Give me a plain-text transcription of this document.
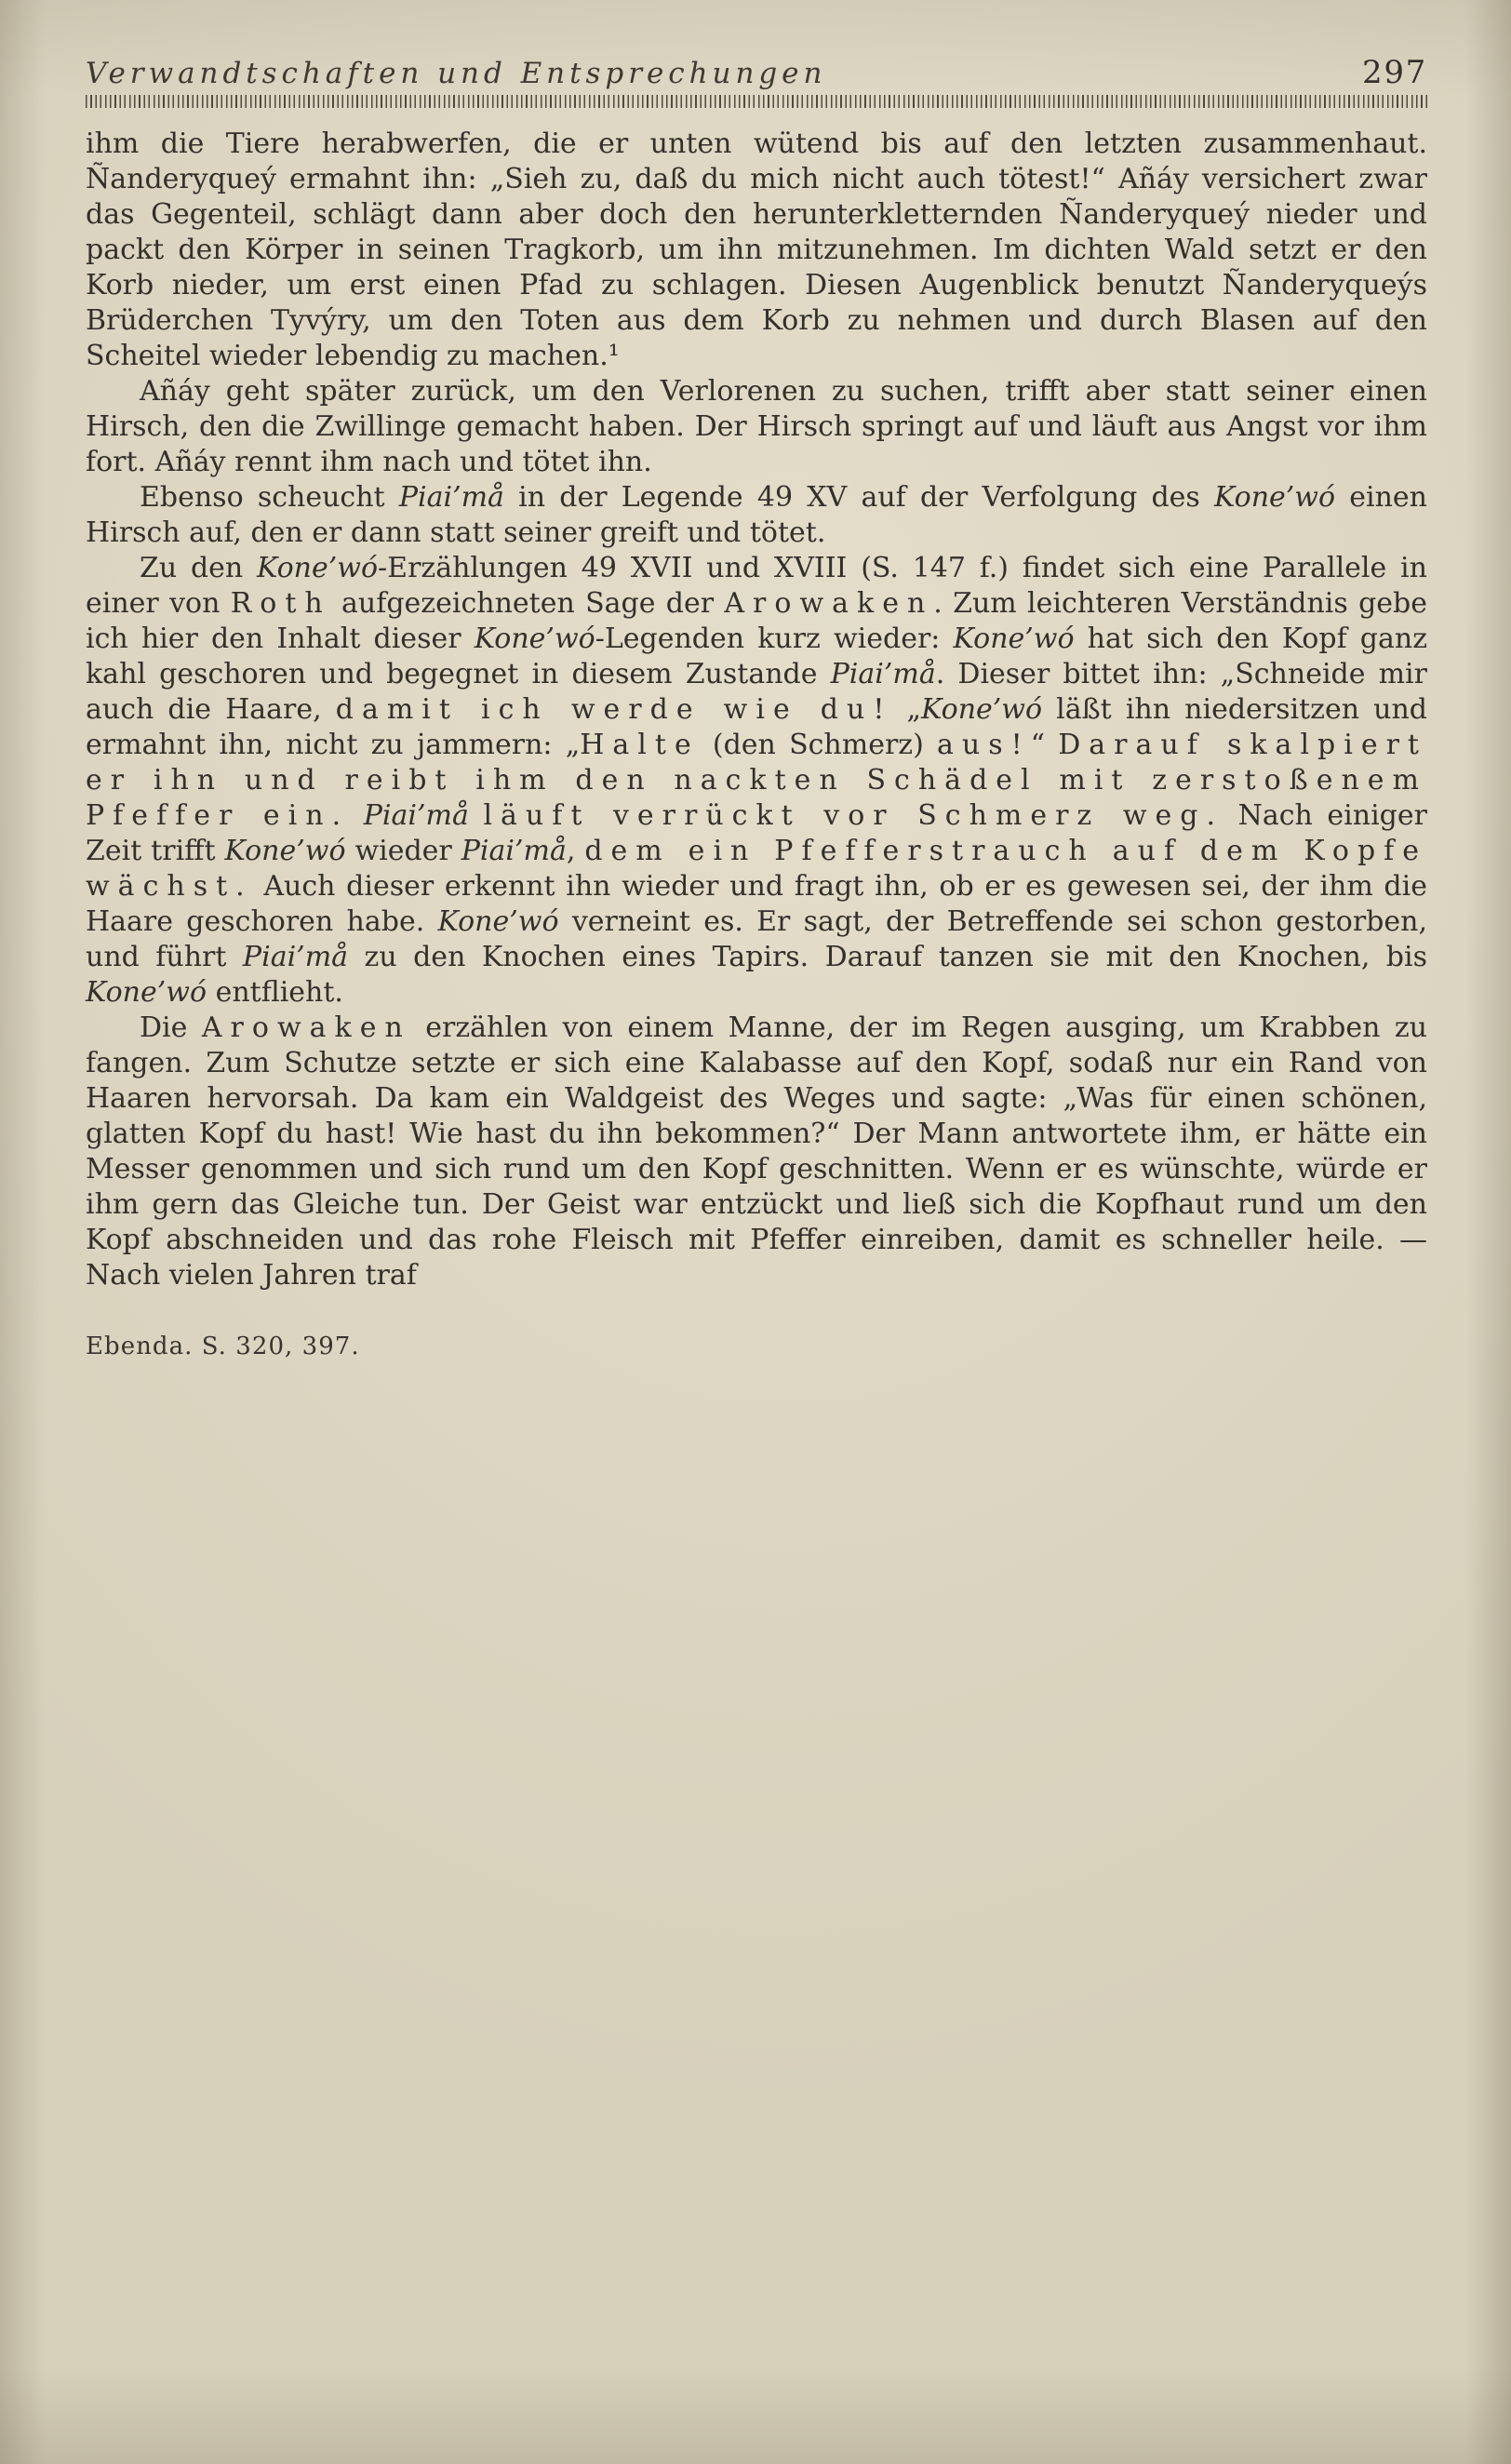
Verwandtschaften und Entsprechungen	297

ihm die Tiere herabwerfen, die er unten wütend bis auf den letzten zusammenhaut. Ñanderyqueý ermahnt ihn: „Sieh zu, daß du mich nicht auch tötest!“ Añáy versichert zwar das Gegenteil, schlägt dann aber doch den herunterkletternden Ñanderyqueý nieder und packt den Körper in seinen Tragkorb, um ihn mitzunehmen. Im dichten Wald setzt er den Korb nieder, um erst einen Pfad zu schlagen. Diesen Augenblick benutzt Ñanderyqueýs Brüderchen Tyvýry, um den Toten aus dem Korb zu nehmen und durch Blasen auf den Scheitel wieder lebendig zu machen.¹

Añáy geht später zurück, um den Verlorenen zu suchen, trifft aber statt seiner einen Hirsch, den die Zwillinge gemacht haben. Der Hirsch springt auf und läuft aus Angst vor ihm fort. Añáy rennt ihm nach und tötet ihn.

Ebenso scheucht Piai’må in der Legende 49 XV auf der Verfolgung des Kone’wó einen Hirsch auf, den er dann statt seiner greift und tötet.

Zu den Kone’wó-Erzählungen 49 XVII und XVIII (S. 147 f.) findet sich eine Parallele in einer von Roth aufgezeichneten Sage der Arowaken. Zum leichteren Verständnis gebe ich hier den Inhalt dieser Kone’wó-Legenden kurz wieder: Kone’wó hat sich den Kopf ganz kahl geschoren und begegnet in diesem Zustande Piai’må. Dieser bittet ihn: „Schneide mir auch die Haare, damit ich werde wie du! „Kone’wó läßt ihn niedersitzen und ermahnt ihn, nicht zu jammern: „Halte (den Schmerz) aus!“ Darauf skalpiert er ihn und reibt ihm den nackten Schädel mit zerstoßenem Pfeffer ein. Piai’må läuft verrückt vor Schmerz weg. Nach einiger Zeit trifft Kone’wó wieder Piai’må, dem ein Pfefferstrauch auf dem Kopfe wächst. Auch dieser erkennt ihn wieder und fragt ihn, ob er es gewesen sei, der ihm die Haare geschoren habe. Kone’wó verneint es. Er sagt, der Betreffende sei schon gestorben, und führt Piai’må zu den Knochen eines Tapirs. Darauf tanzen sie mit den Knochen, bis Kone’wó entflieht.

Die Arowaken erzählen von einem Manne, der im Regen ausging, um Krabben zu fangen. Zum Schutze setzte er sich eine Kalabasse auf den Kopf, sodaß nur ein Rand von Haaren hervorsah. Da kam ein Waldgeist des Weges und sagte: „Was für einen schönen, glatten Kopf du hast! Wie hast du ihn bekommen?“ Der Mann antwortete ihm, er hätte ein Messer genommen und sich rund um den Kopf geschnitten. Wenn er es wünschte, würde er ihm gern das Gleiche tun. Der Geist war entzückt und ließ sich die Kopfhaut rund um den Kopf abschneiden und das rohe Fleisch mit Pfeffer einreiben, damit es schneller heile. — Nach vielen Jahren traf

Ebenda. S. 320, 397.
